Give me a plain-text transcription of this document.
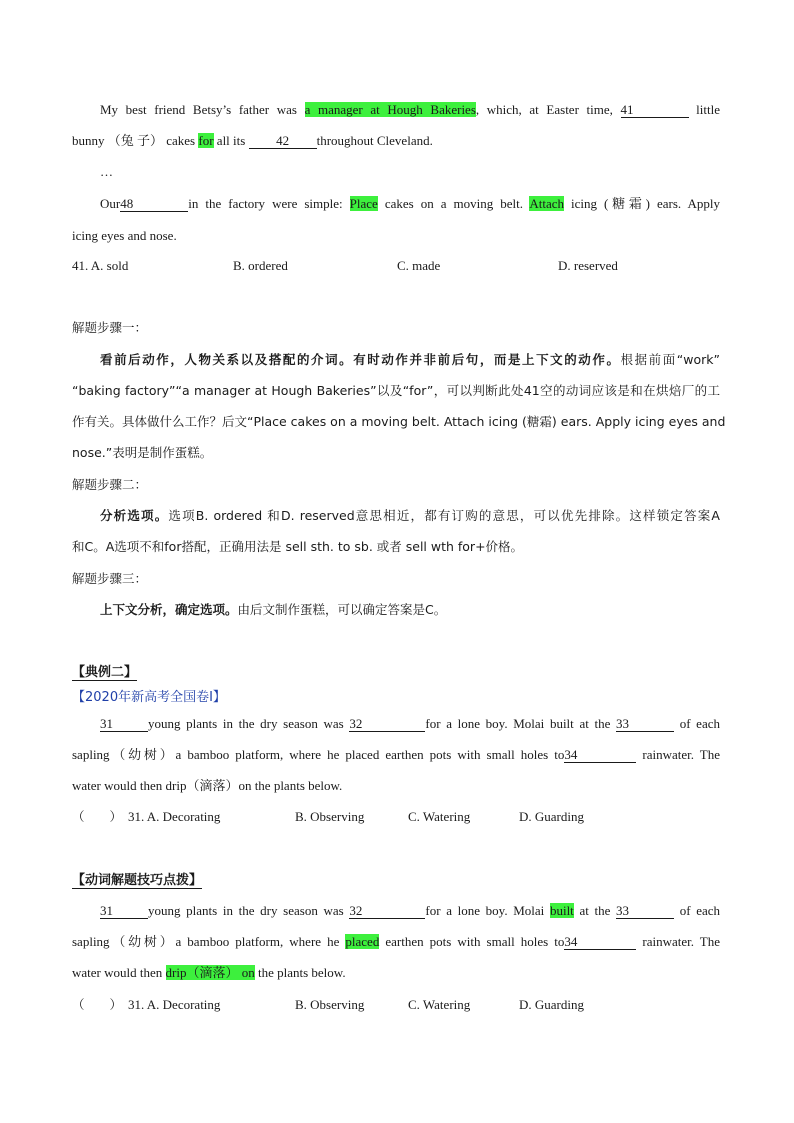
My best friend Betsy’s father was a manager at Hough Bakeries, which, at Easter time, 41	little
bunny （兔 子） cakes for all its 42 throughout Cleveland.
…
Our48	in the factory were simple: Place cakes on a moving belt. Attach icing (糖霜) ears. Apply
icing eyes and nose.
41. A. sold	B. ordered	C. made	D. reserved
解题步骤一：
看前后动作，人物关系以及搭配的介词。有时动作并非前后句，而是上下文的动作。根据前面“work”
“baking factory”“a manager at Hough Bakeries”以及“for”，可以判断此处41空的动词应该是和在烘焙厂的工
作有关。具体做什么工作？后文“Place cakes on a moving belt. Attach icing (糖霜) ears. Apply icing eyes and
nose.”表明是制作蛋糕。
解题步骤二：
分析选项。选项B. ordered 和D. reserved意思相近，都有订购的意思，可以优先排除。这样锁定答案A
和C。A选项不和for搭配，正确用法是 sell sth. to sb. 或者 sell wth for+价格。
解题步骤三：
上下文分析，确定选项。由后文制作蛋糕，可以确定答案是C。
【典例二】
【2020年新高考全国卷Ⅰ】
31	young plants in the dry season was 32	for a lone boy. Molai built at the 33	of each
sapling（幼树）a bamboo platform, where he placed earthen pots with small holes to34	rainwater. The
water would then drip（滴落）on the plants below.
（　　） 31. A. Decorating	B. Observing	C. Watering	D. Guarding
【动词解题技巧点拨】
31	young plants in the dry season was 32	for a lone boy. Molai built at the 33	of each
sapling（幼树）a bamboo platform, where he placed earthen pots with small holes to34	rainwater. The
water would then drip（滴落） on the plants below.
（　　） 31. A. Decorating	B. Observing	C. Watering	D. Guarding
